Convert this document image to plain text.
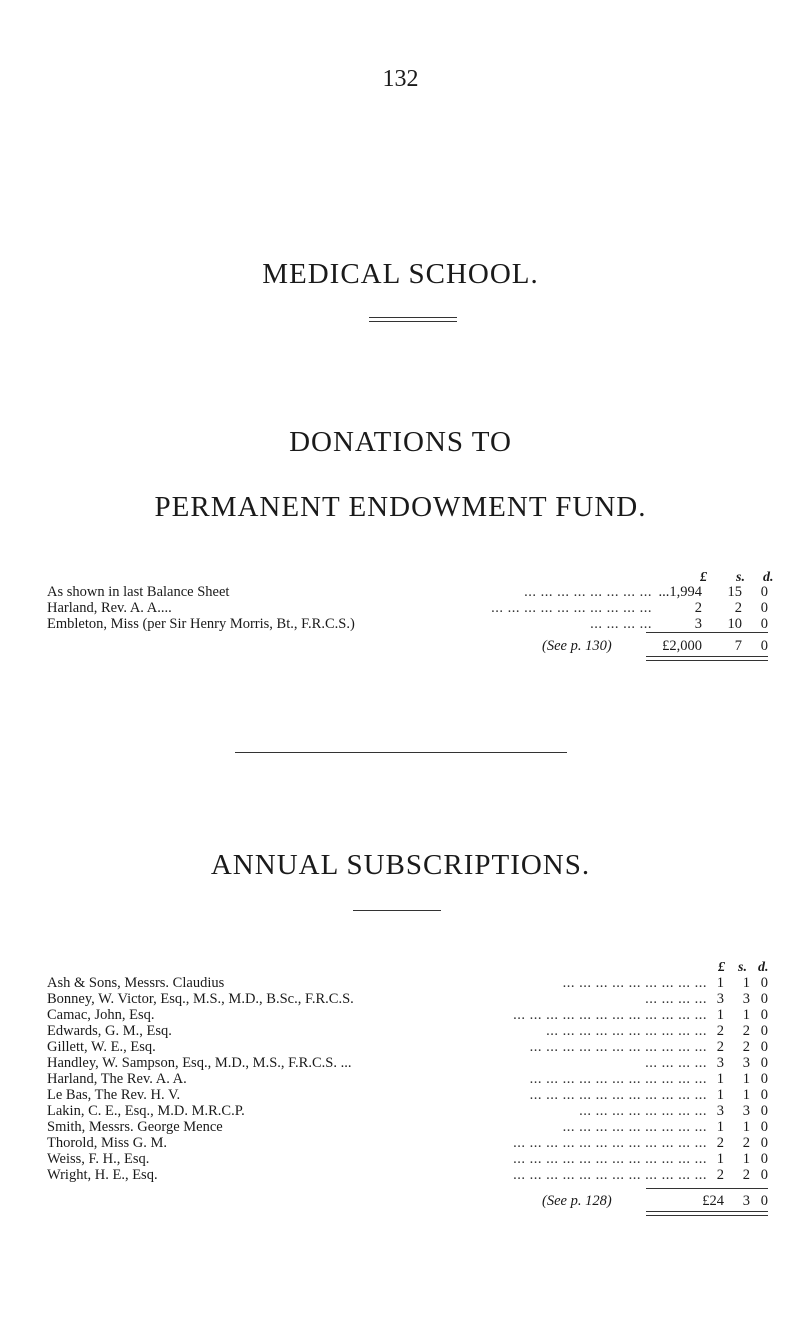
132
MEDICAL SCHOOL.
DONATIONS TO
PERMANENT ENDOWMENT FUND.
£ s. d.
As shown in last Balance Sheet	... ... ... ... ... ... ... ... ...1,994	15	0
Harland, Rev. A. A....	... ... ... ... ... ... ... ... ... ...	2	2	0
Embleton, Miss (per Sir Henry Morris, Bt., F.R.C.S.)	... ... ... ...	3	10	0
(See p. 130)	£2,000	7	0
ANNUAL SUBSCRIPTIONS.
£ s. d.
Ash & Sons, Messrs. Claudius	... ... ... ... ... ... ... ... ... 1	1 0
Bonney, W. Victor, Esq., M.S., M.D., B.Sc., F.R.C.S.	... ... ... ... 3	3 0
Camac, John, Esq.	... ... ... ... ... ... ... ... ... ... ... ... 1	1 0
Edwards, G. M., Esq.	... ... ... ... ... ... ... ... ... ... 2	2 0
Gillett, W. E., Esq.	... ... ... ... ... ... ... ... ... ... ... 2	2 0
Handley, W. Sampson, Esq., M.D., M.S., F.R.C.S. ...	... ... ... ... 3	3 0
Harland, The Rev. A. A.	... ... ... ... ... ... ... ... ... ... ... 1	1 0
Le Bas, The Rev. H. V.	... ... ... ... ... ... ... ... ... ... ... 1	1 0
Lakin, C. E., Esq., M.D. M.R.C.P.	... ... ... ... ... ... ... ... 3	3 0
Smith, Messrs. George Mence	... ... ... ... ... ... ... ... ... 1	1 0
Thorold, Miss G. M.	... ... ... ... ... ... ... ... ... ... ... ... 2	2 0
Weiss, F. H., Esq.	... ... ... ... ... ... ... ... ... ... ... ... 1	1 0
Wright, H. E., Esq.	... ... ... ... ... ... ... ... ... ... ... ... 2	2 0
(See p. 128)	£24	3 0
